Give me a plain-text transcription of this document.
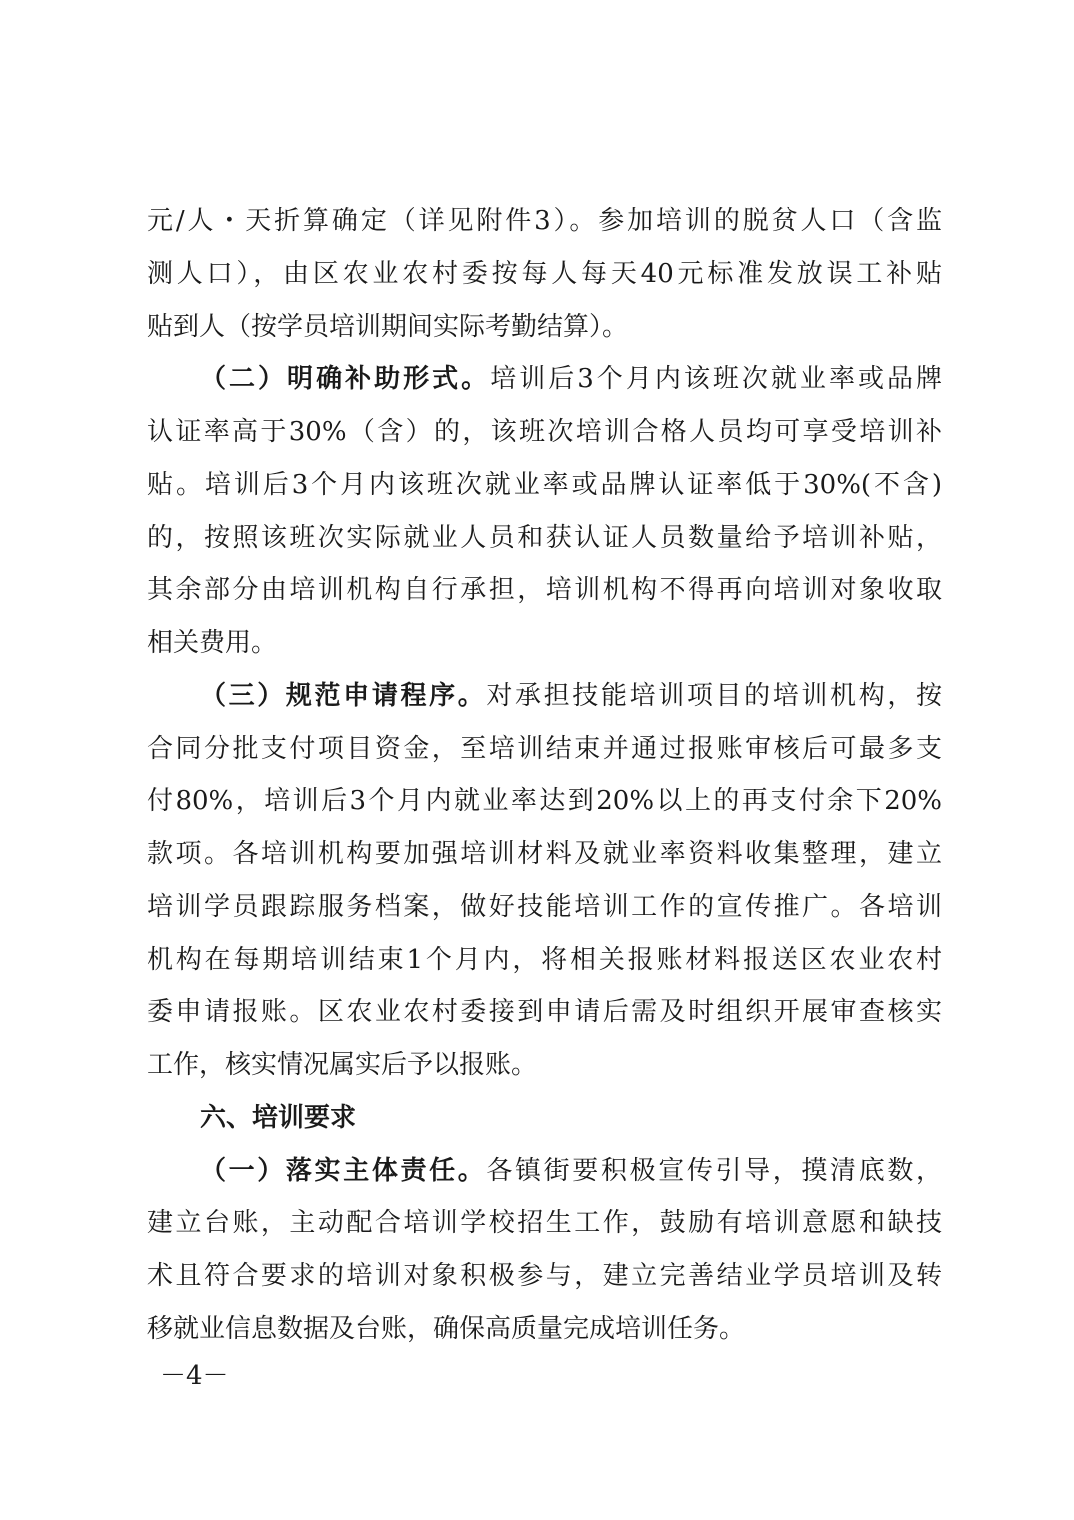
元/人・天折算确定（详见附件3）。参加培训的脱贫人口（含监
测人口），由区农业农村委按每人每天40元标准发放误工补贴
贴到人（按学员培训期间实际考勤结算）。
（二）明确补助形式。培训后3个月内该班次就业率或品牌
认证率高于30%（含）的，该班次培训合格人员均可享受培训补
贴。培训后3个月内该班次就业率或品牌认证率低于30%(不含)
的，按照该班次实际就业人员和获认证人员数量给予培训补贴，
其余部分由培训机构自行承担，培训机构不得再向培训对象收取
相关费用。
（三）规范申请程序。对承担技能培训项目的培训机构，按
合同分批支付项目资金，至培训结束并通过报账审核后可最多支
付80%，培训后3个月内就业率达到20%以上的再支付余下20%
款项。各培训机构要加强培训材料及就业率资料收集整理，建立
培训学员跟踪服务档案，做好技能培训工作的宣传推广。各培训
机构在每期培训结束1个月内，将相关报账材料报送区农业农村
委申请报账。区农业农村委接到申请后需及时组织开展审查核实
工作，核实情况属实后予以报账。
六、培训要求
（一）落实主体责任。各镇街要积极宣传引导，摸清底数，
建立台账，主动配合培训学校招生工作，鼓励有培训意愿和缺技
术且符合要求的培训对象积极参与，建立完善结业学员培训及转
移就业信息数据及台账，确保高质量完成培训任务。
－4－
